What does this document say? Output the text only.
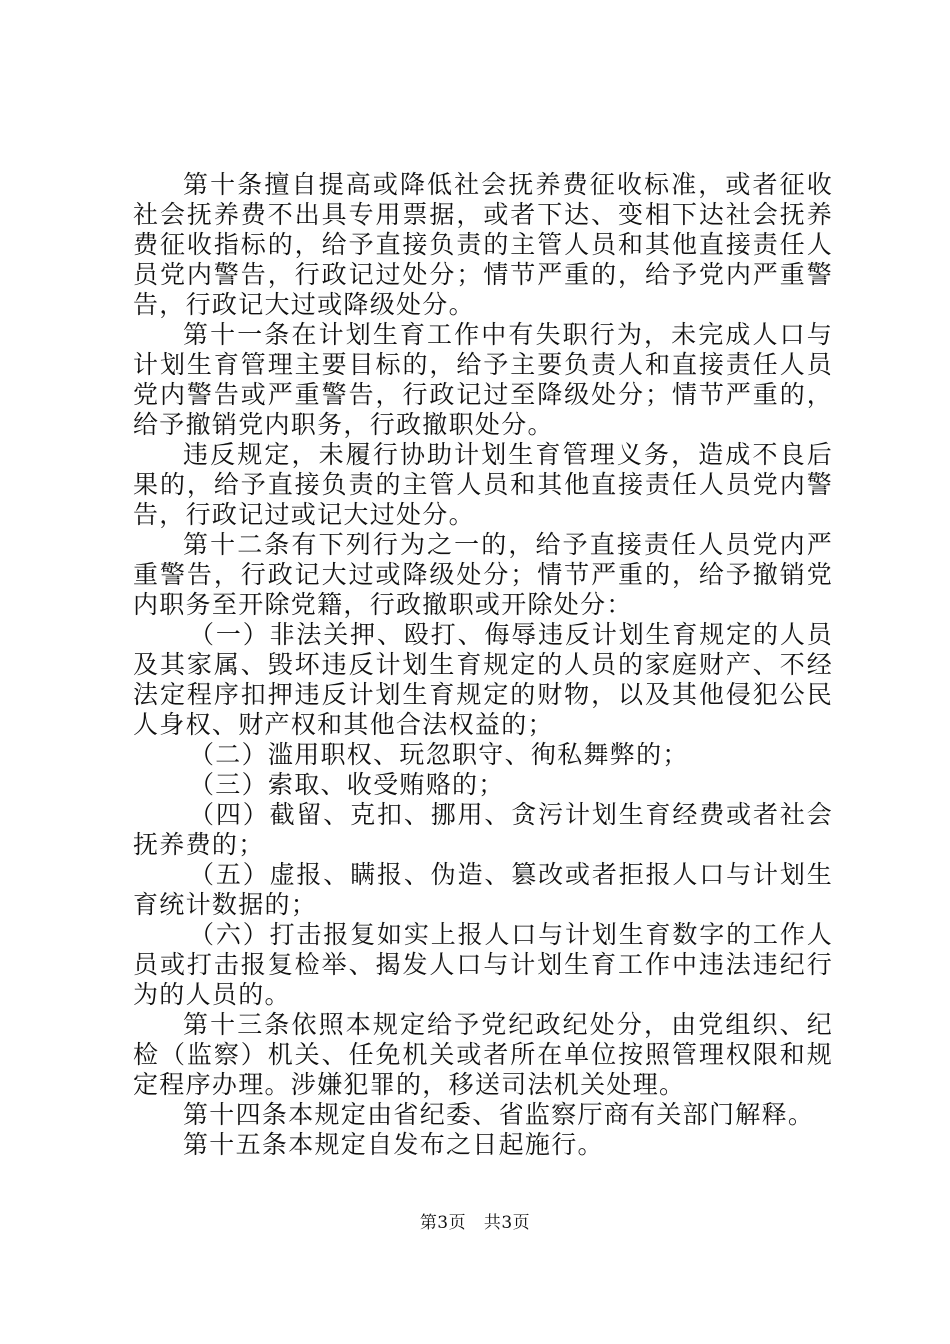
第十条擅自提高或降低社会抚养费征收标准，或者征收社会抚养费不出具专用票据，或者下达、变相下达社会抚养费征收指标的，给予直接负责的主管人员和其他直接责任人员党内警告，行政记过处分；情节严重的，给予党内严重警告，行政记大过或降级处分。

第十一条在计划生育工作中有失职行为，未完成人口与计划生育管理主要目标的，给予主要负责人和直接责任人员党内警告或严重警告，行政记过至降级处分；情节严重的，给予撤销党内职务，行政撤职处分。

违反规定，未履行协助计划生育管理义务，造成不良后果的，给予直接负责的主管人员和其他直接责任人员党内警告，行政记过或记大过处分。

第十二条有下列行为之一的，给予直接责任人员党内严重警告，行政记大过或降级处分；情节严重的，给予撤销党内职务至开除党籍，行政撤职或开除处分：

（一）非法关押、殴打、侮辱违反计划生育规定的人员及其家属、毁坏违反计划生育规定的人员的家庭财产、不经法定程序扣押违反计划生育规定的财物，以及其他侵犯公民人身权、财产权和其他合法权益的；

（二）滥用职权、玩忽职守、徇私舞弊的；

（三）索取、收受贿赂的；

（四）截留、克扣、挪用、贪污计划生育经费或者社会抚养费的；

（五）虚报、瞒报、伪造、篡改或者拒报人口与计划生育统计数据的；

（六）打击报复如实上报人口与计划生育数字的工作人员或打击报复检举、揭发人口与计划生育工作中违法违纪行为的人员的。

第十三条依照本规定给予党纪政纪处分，由党组织、纪检（监察）机关、任免机关或者所在单位按照管理权限和规定程序办理。涉嫌犯罪的，移送司法机关处理。

第十四条本规定由省纪委、省监察厅商有关部门解释。

第十五条本规定自发布之日起施行。

第3页 共3页
